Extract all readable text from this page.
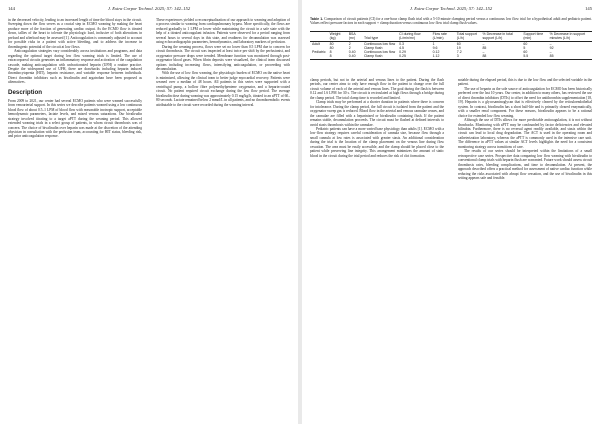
144	J. Extra Corpor Technol. 2025; 57: 142–152

in the decreased velocity, leading to an increased length of time the blood stays in the circuit. Sweeping down the flow serves as a crucial step in ECMO weaning by making the heart produce more of the fraction of generating cardiac output. As the ECMO flow is titrated down, tallies of the heart to tolerate the physiologic load, inclusive of both alterations in preload and afterload may be assessed [1]. Anticoagulation is commonly adjusted to account for possible risks in a patient with active bleeding, and to address the increase in thrombogenic potential of the circuit at low flows.

Anticoagulation strategies vary considerably across institutions and programs, and data regarding the optimal target during low flow weaning trials is limited. The use of extracorporeal circuits generates an inflammatory response and activation of the coagulation cascade, making anticoagulation with unfractionated heparin (UFH) a routine practice. Despite the widespread use of UFH, there are drawbacks including heparin induced thrombocytopenia (HIT), heparin resistance, and variable response between individuals. Direct thrombin inhibitors such as bivalirudin and argatroban have been proposed as alternatives.

Description

From 2009 to 2021, our center had several ECMO patients who were weaned successfully from venoarterial support. In this series we describe patients weaned using a low continuous blood flow of about 0.5–1 LPM of blood flow with reasonable inotropic support, acceptable hemodynamic parameters, lactate levels, and mixed venous saturations. Our bivalirudin strategy involved titrating to a target aPTT during the weaning period. This allowed extended weaning trials in a select group of patients, in whom circuit thrombosis was of concern. The choice of bivalirudin over heparin was made at the discretion of the attending physician in consultation with the perfusion team, accounting for HIT status, bleeding risk, and prior anticoagulation response.

These experiences yielded a reconceptualization of our approach to weaning and adoption of a process similar to weaning from cardiopulmonary bypass. More specifically, the flows are reduced gradually to 1 LPM or lower while maintaining the circuit in a safe state with the help of a titrated anticoagulant infusion. Patients were observed for a period ranging from several hours to several days in this state, and readiness for decannulation was assessed using echocardiographic parameters, hemodynamics, and laboratory markers of perfusion.

During the weaning process, flows were set no lower than 0.5 LPM due to concern for circuit thrombosis. The circuit was inspected at least twice per shift by the perfusionist, and oxygenator pressure drops were trended. Membrane function was monitored through post-oxygenator blood gases. When fibrin deposits were visualized, the clinical team discussed options including increasing flows, intensifying anticoagulation, or proceeding with decannulation.

With the use of low flow weaning, the physiologic burden of ECMO on the native heart is minimized, allowing the clinical team to better judge myocardial recovery. Patients were weaned over a median of 48 hours. All patients in this series were supported with a centrifugal pump, a hollow fibre polymethylpentene oxygenator, and a heparin-coated circuit. No patient required circuit exchange during the low flow period. The average bivalirudin dose during weaning was approximately 0.15 mg/kg/h, titrated to an aPTT of 60–80 seconds. Lactate remained below 2 mmol/L in all patients, and no thromboembolic events attributable to the circuit were recorded during the weaning interval.

J. Extra Corpor Technol. 2025; 57: 142–152	145
Table 1. Comparison of circuit patients (CI) for a one-hour clamp flush trial with a 5-10 minute clamping period versus a continuous low flow trial for a hypothetical adult and pediatric patient. Values reflect pressure factors in each support + clamp duration versus continuous low flow trial clamp flush values.
	Weight (kg)	BSA (m²)	Trial type	CI during flow (L/min/m²)	Flow rate (L/min)	Total support (L/h)	% Decrease in total support (L/h)	Support time (min)	% Decrease in support minutes (L/h)
Adult	80	2	Continuous low flow	0.3	1	60	–	60	–
	80	2	Clamp flush	4.5	9.6	19	85	5	92
Pediatric	8	0.40	Continuous low flow	0.29	0.12	7.2	–	60	–
	8	0.40	Clamp flush	0.25	1.12	3	88	5.5	85

clamp periods, but not in the arterial and venous lines to the patient. During the flash periods, our center aims to only have enough flow in the patient to change over the full circuit volume of each of the arterial and venous lines. The goal during the flash is between 0.12 and 1.6 LPM for 30 s. The circuit is recirculated at high flows through a bridge during the clamp period. The total clamp time is recorded and limited.

Clamp trials may be performed at a shorter duration in patients where there is concern for intolerance. During the clamp period, the full circuit is isolated from the patient and the oxygenator sweep gas is reduced. Blood flow in the arterial and venous cannulae ceases, and the cannulae are filled with a heparinized or bivalirudin containing flush. If the patient remains stable, decannulation proceeds. The circuit must be flashed at defined intervals to avoid stasis thrombosis within the cannulae.

Pediatric patients can have a more varied base physiology than adults [1]. ECMO with a low-flow strategy requires careful consideration of cannula size, because flow through a small cannula at low rates is associated with greater stasis. An additional consideration during the trial is the location of the clamp placement on the venous line during flow cessation. The area must be easily accessible, and the clamp should be placed close to the patient while preserving line integrity. This arrangement minimizes the amount of static blood in the circuit during the trial period and reduces the risk of clot formation.

notable during the elapsed period, this is due to the low flow and the selected variable in the patient.

The use of heparin as the sole source of anticoagulation for ECMO has been historically preferred over the last 10 years. Our center, in addition to many others, has reviewed the use of direct thrombin inhibitors (DTIs) to offset the need for antithrombin supplementation [18, 19]. Heparin is a glycosaminoglycan that is effectively cleared by the reticuloendothelial system. In contrast, bivalirudin has a short half-life and is primarily cleared enzymatically, with a smaller renal component. For these reasons, bivalirudin appears to be a rational choice for extended low flow weaning.

Although the use of DTIs allows for more predictable anticoagulation, it is not without drawbacks. Monitoring with aPTT may be confounded by factor deficiencies and elevated bilirubin. Furthermore, there is no reversal agent readily available, and stasis within the circuit can lead to local drug degradation. The ACT is used in the operating room and catheterization laboratory, whereas the aPTT is commonly used in the intensive care unit. The difference in aPTT values at similar ACT levels highlights the need for a consistent monitoring strategy across transitions of care.

The results of our series should be interpreted within the limitations of a small retrospective case series. Prospective data comparing low flow weaning with bivalirudin to conventional clamp trials with heparin flush are warranted. Future work should assess circuit thrombosis rates, bleeding complications, and time to decannulation. At present, the approach described offers a practical method for assessment of native cardiac function while reducing the risks associated with abrupt flow cessation, and the use of bivalirudin in this setting appears safe and feasible.
